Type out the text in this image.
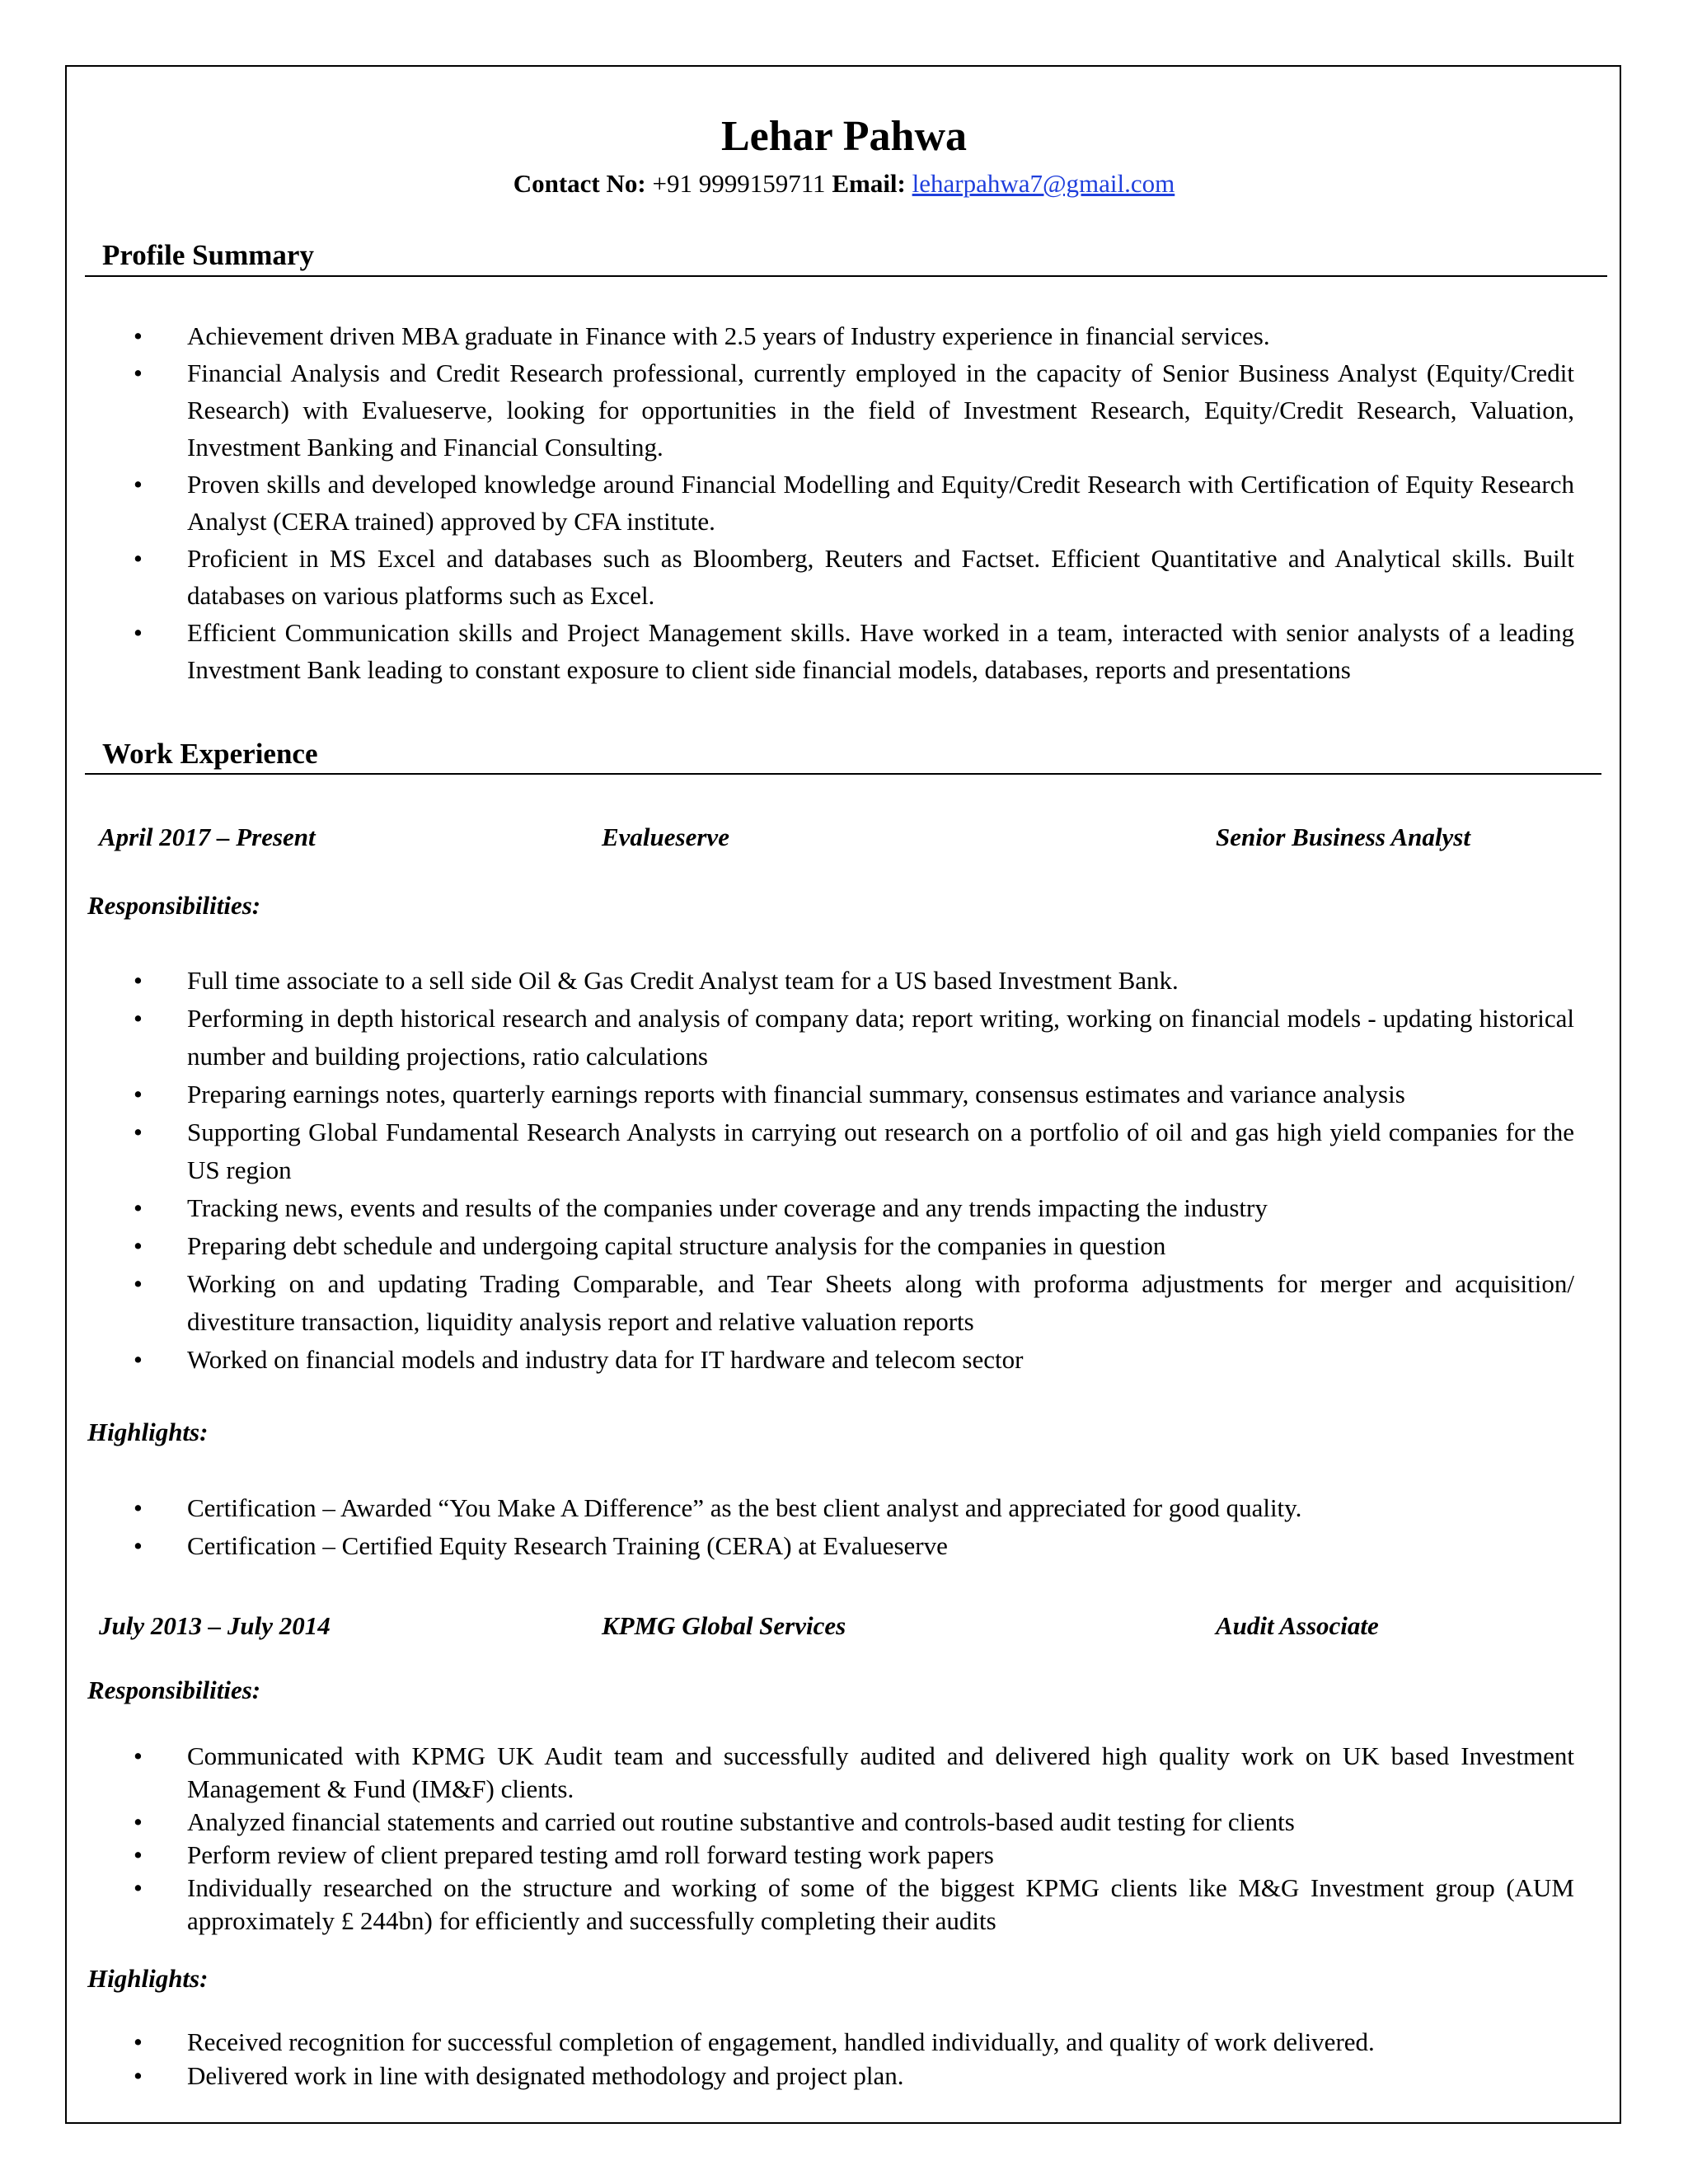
Lehar Pahwa
Contact No: +91 9999159711 Email: leharpahwa7@gmail.com
Profile Summary
• Achievement driven MBA graduate in Finance with 2.5 years of Industry experience in financial services.
• Financial Analysis and Credit Research professional, currently employed in the capacity of Senior Business Analyst (Equity/Credit Research) with Evalueserve, looking for opportunities in the field of Investment Research, Equity/Credit Research, Valuation, Investment Banking and Financial Consulting.
• Proven skills and developed knowledge around Financial Modelling and Equity/Credit Research with Certification of Equity Research Analyst (CERA trained) approved by CFA institute.
• Proficient in MS Excel and databases such as Bloomberg, Reuters and Factset. Efficient Quantitative and Analytical skills. Built databases on various platforms such as Excel.
• Efficient Communication skills and Project Management skills. Have worked in a team, interacted with senior analysts of a leading Investment Bank leading to constant exposure to client side financial models, databases, reports and presentations
Work Experience
April 2017 – Present	Evalueserve	Senior Business Analyst
Responsibilities:
• Full time associate to a sell side Oil & Gas Credit Analyst team for a US based Investment Bank.
• Performing in depth historical research and analysis of company data; report writing, working on financial models - updating historical number and building projections, ratio calculations
• Preparing earnings notes, quarterly earnings reports with financial summary, consensus estimates and variance analysis
• Supporting Global Fundamental Research Analysts in carrying out research on a portfolio of oil and gas high yield companies for the US region
• Tracking news, events and results of the companies under coverage and any trends impacting the industry
• Preparing debt schedule and undergoing capital structure analysis for the companies in question
• Working on and updating Trading Comparable, and Tear Sheets along with proforma adjustments for merger and acquisition/ divestiture transaction, liquidity analysis report and relative valuation reports
• Worked on financial models and industry data for IT hardware and telecom sector
Highlights:
• Certification – Awarded “You Make A Difference” as the best client analyst and appreciated for good quality.
• Certification – Certified Equity Research Training (CERA) at Evalueserve
July 2013 – July 2014	KPMG Global Services	Audit Associate
Responsibilities:
• Communicated with KPMG UK Audit team and successfully audited and delivered high quality work on UK based Investment Management & Fund (IM&F) clients.
• Analyzed financial statements and carried out routine substantive and controls-based audit testing for clients
• Perform review of client prepared testing amd roll forward testing work papers
• Individually researched on the structure and working of some of the biggest KPMG clients like M&G Investment group (AUM approximately £ 244bn) for efficiently and successfully completing their audits
Highlights:
• Received recognition for successful completion of engagement, handled individually, and quality of work delivered.
• Delivered work in line with designated methodology and project plan.
